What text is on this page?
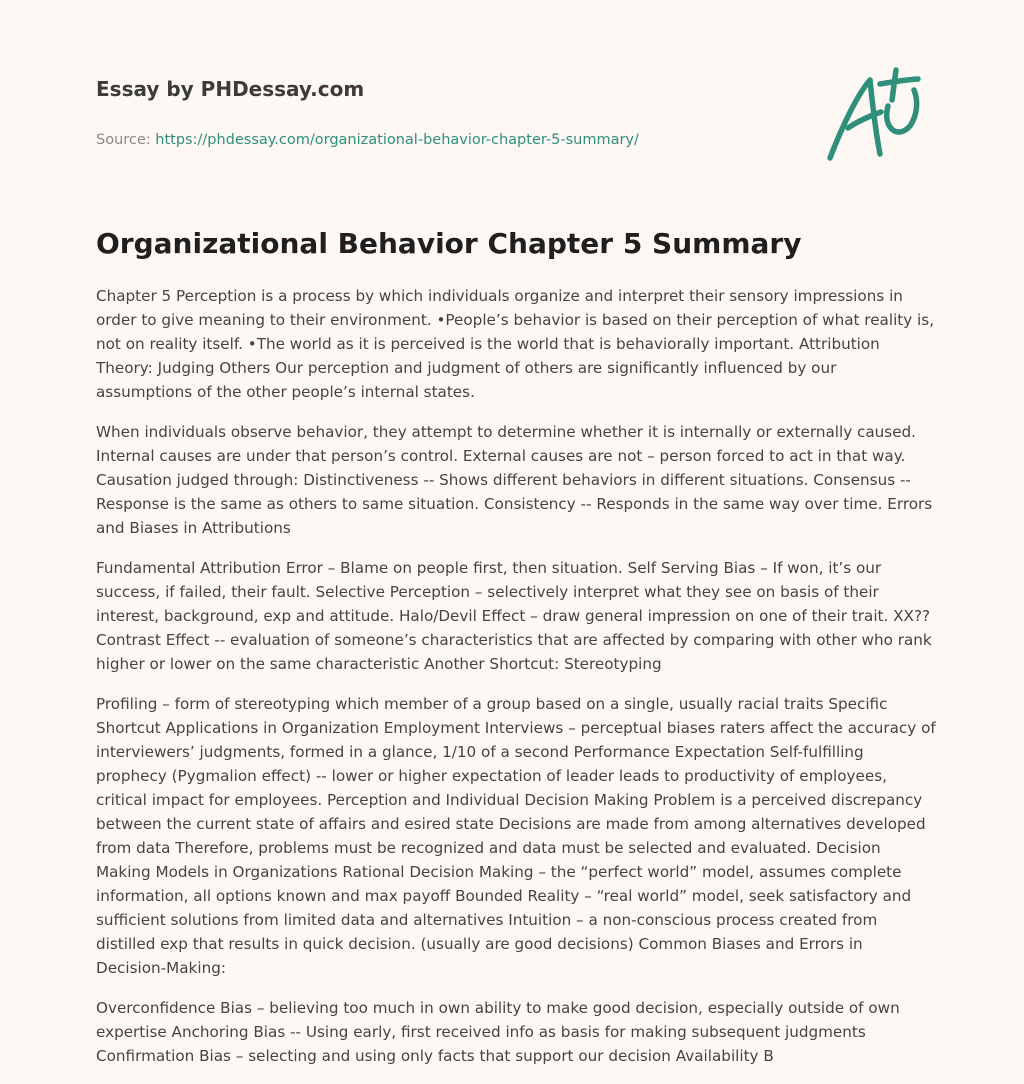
Essay by PHDessay.com
Source: https://phdessay.com/organizational-behavior-chapter-5-summary/
Organizational Behavior Chapter 5 Summary

Chapter 5 Perception is a process by which individuals organize and interpret their sensory impressions in order to give meaning to their environment. •People’s behavior is based on their perception of what reality is, not on reality itself. •The world as it is perceived is the world that is behaviorally important. Attribution Theory: Judging Others Our perception and judgment of others are significantly influenced by our assumptions of the other people’s internal states.

When individuals observe behavior, they attempt to determine whether it is internally or externally caused. Internal causes are under that person’s control. External causes are not – person forced to act in that way. Causation judged through: Distinctiveness -- Shows different behaviors in different situations. Consensus -- Response is the same as others to same situation. Consistency -- Responds in the same way over time. Errors and Biases in Attributions

Fundamental Attribution Error – Blame on people first, then situation. Self Serving Bias – If won, it’s our success, if failed, their fault. Selective Perception – selectively interpret what they see on basis of their interest, background, exp and attitude. Halo/Devil Effect – draw general impression on one of their trait. XX?? Contrast Effect -- evaluation of someone’s characteristics that are affected by comparing with other who rank higher or lower on the same characteristic Another Shortcut: Stereotyping

Profiling – form of stereotyping which member of a group based on a single, usually racial traits Specific Shortcut Applications in Organization Employment Interviews – perceptual biases raters affect the accuracy of interviewers’ judgments, formed in a glance, 1/10 of a second Performance Expectation Self-fulfilling prophecy (Pygmalion effect) -- lower or higher expectation of leader leads to productivity of employees, critical impact for employees. Perception and Individual Decision Making Problem is a perceived discrepancy between the current state of affairs and esired state Decisions are made from among alternatives developed from data Therefore, problems must be recognized and data must be selected and evaluated. Decision Making Models in Organizations Rational Decision Making – the “perfect world” model, assumes complete information, all options known and max payoff Bounded Reality – “real world” model, seek satisfactory and sufficient solutions from limited data and alternatives Intuition – a non-conscious process created from distilled exp that results in quick decision. (usually are good decisions) Common Biases and Errors in Decision-Making:

Overconfidence Bias – believing too much in own ability to make good decision, especially outside of own expertise Anchoring Bias -- Using early, first received info as basis for making subsequent judgments Confirmation Bias – selecting and using only facts that support our decision Availability B
